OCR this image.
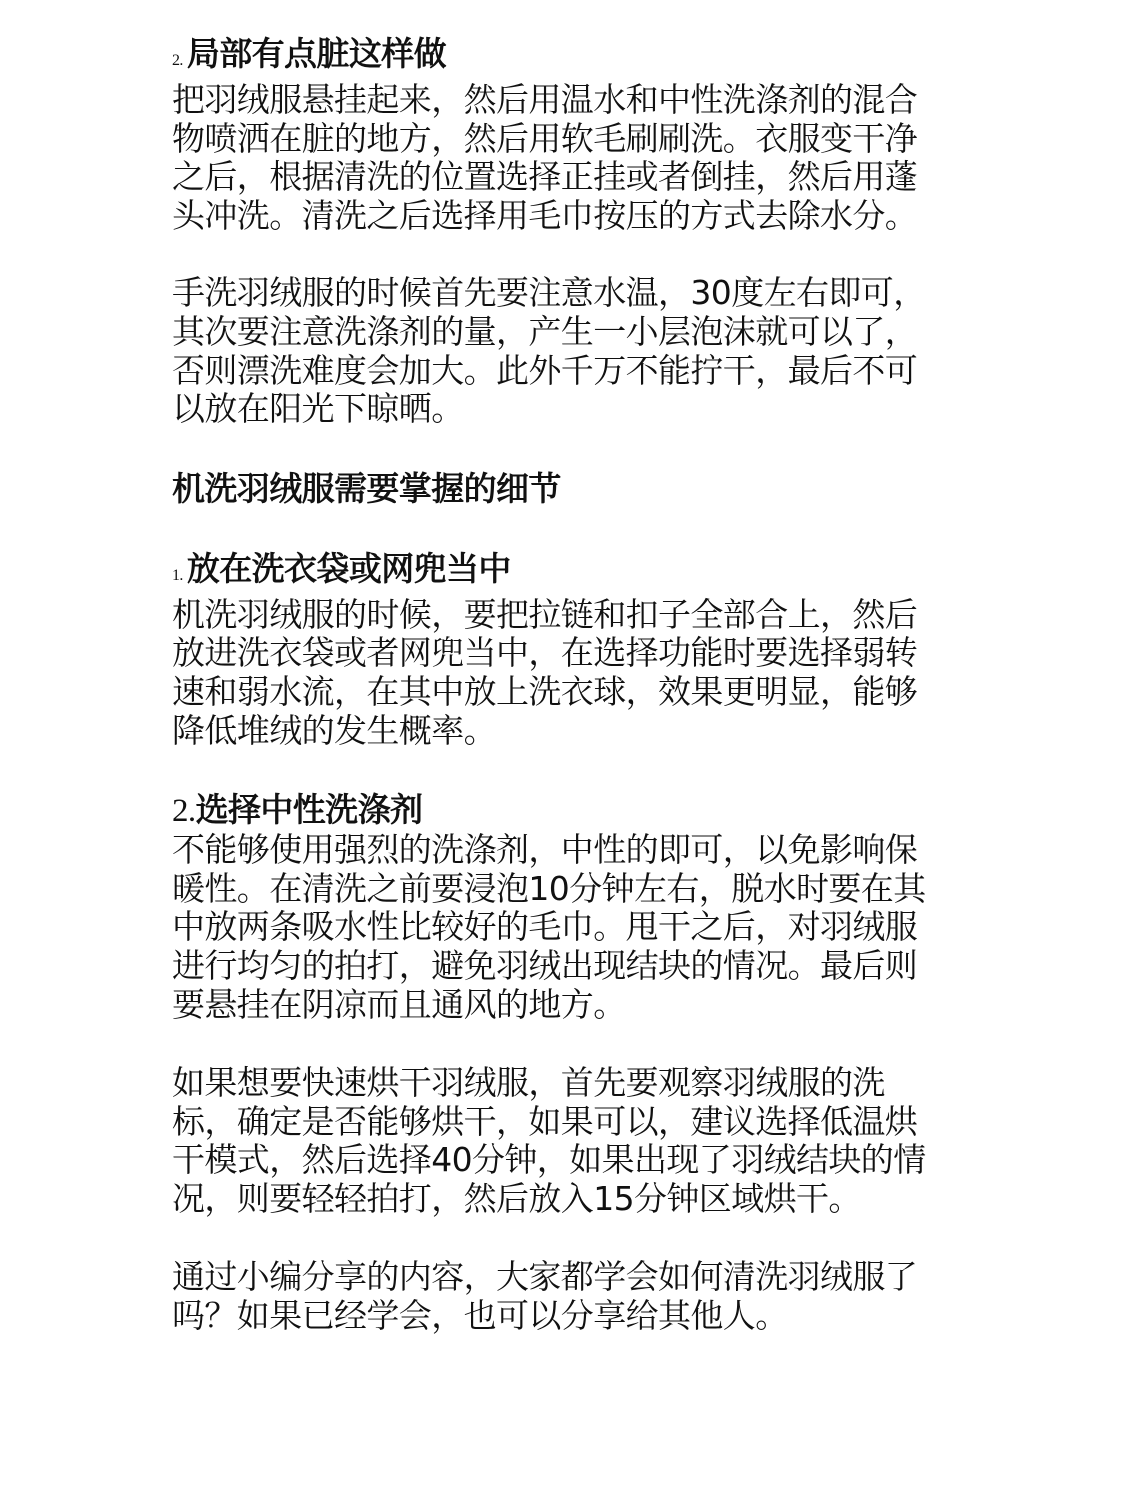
2. 局部有点脏这样做
把羽绒服悬挂起来，然后用温水和中性洗涤剂的混合
物喷洒在脏的地方，然后用软毛刷刷洗。衣服变干净
之后，根据清洗的位置选择正挂或者倒挂，然后用蓬
头冲洗。清洗之后选择用毛巾按压的方式去除水分。
手洗羽绒服的时候首先要注意水温，30度左右即可，
其次要注意洗涤剂的量，产生一小层泡沫就可以了，
否则漂洗难度会加大。此外千万不能拧干，最后不可
以放在阳光下晾晒。
机洗羽绒服需要掌握的细节
1. 放在洗衣袋或网兜当中
机洗羽绒服的时候，要把拉链和扣子全部合上，然后
放进洗衣袋或者网兜当中，在选择功能时要选择弱转
速和弱水流，在其中放上洗衣球，效果更明显，能够
降低堆绒的发生概率。
2.选择中性洗涤剂
不能够使用强烈的洗涤剂，中性的即可，以免影响保
暖性。在清洗之前要浸泡10分钟左右，脱水时要在其
中放两条吸水性比较好的毛巾。甩干之后，对羽绒服
进行均匀的拍打，避免羽绒出现结块的情况。最后则
要悬挂在阴凉而且通风的地方。
如果想要快速烘干羽绒服，首先要观察羽绒服的洗
标，确定是否能够烘干，如果可以，建议选择低温烘
干模式，然后选择40分钟，如果出现了羽绒结块的情
况，则要轻轻拍打，然后放入15分钟区域烘干。
通过小编分享的内容，大家都学会如何清洗羽绒服了
吗？如果已经学会，也可以分享给其他人。
